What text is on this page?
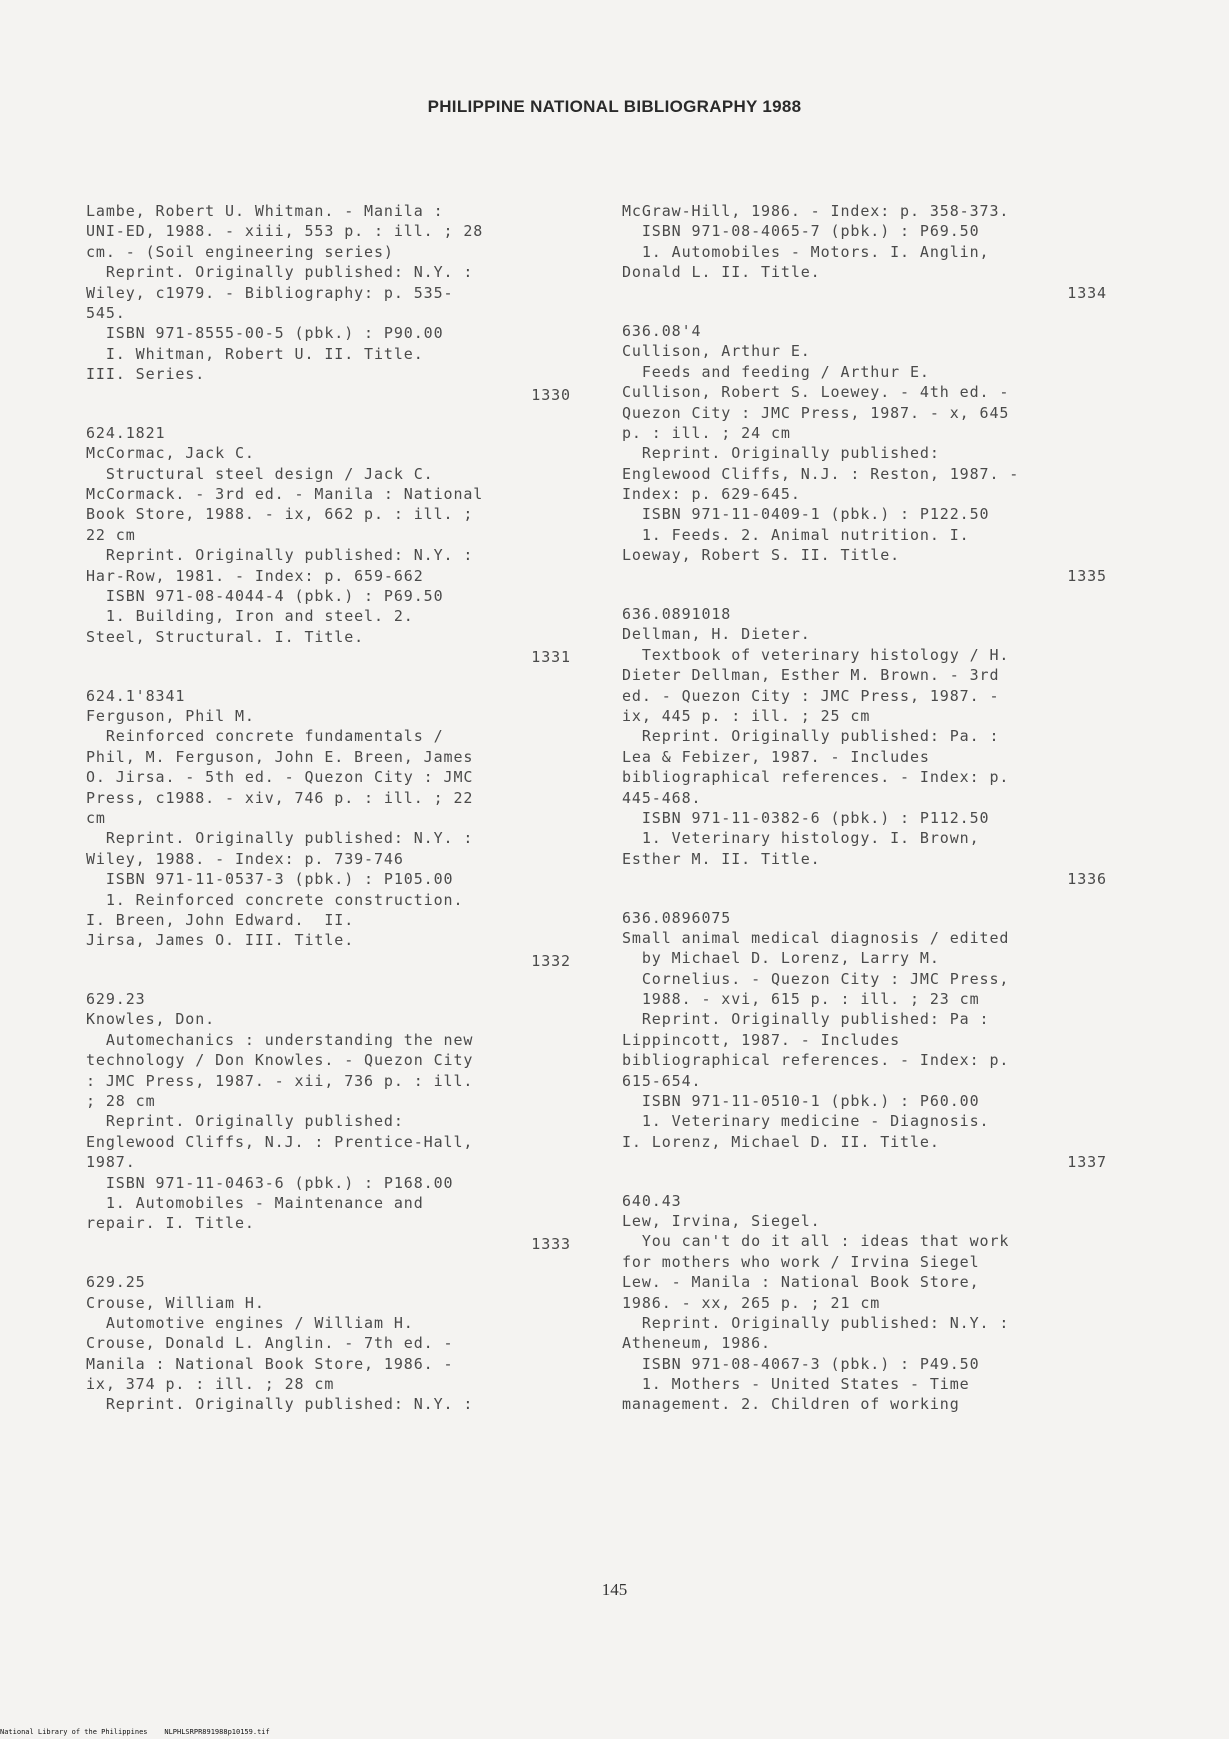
PHILIPPINE NATIONAL BIBLIOGRAPHY 1988
Lambe, Robert U. Whitman. - Manila :
UNI-ED, 1988. - xiii, 553 p. : ill. ; 28
cm. - (Soil engineering series)
Reprint. Originally published: N.Y. :
Wiley, c1979. - Bibliography: p. 535-
545.
ISBN 971-8555-00-5 (pbk.) : P90.00
I. Whitman, Robert U. II. Title.
III. Series.
1330
624.1821
McCormac, Jack C.
Structural steel design / Jack C.
McCormack. - 3rd ed. - Manila : National
Book Store, 1988. - ix, 662 p. : ill. ;
22 cm
Reprint. Originally published: N.Y. :
Har-Row, 1981. - Index: p. 659-662
ISBN 971-08-4044-4 (pbk.) : P69.50
1. Building, Iron and steel. 2.
Steel, Structural. I. Title.
1331
624.1'8341
Ferguson, Phil M.
Reinforced concrete fundamentals /
Phil, M. Ferguson, John E. Breen, James
O. Jirsa. - 5th ed. - Quezon City : JMC
Press, c1988. - xiv, 746 p. : ill. ; 22
cm
Reprint. Originally published: N.Y. :
Wiley, 1988. - Index: p. 739-746
ISBN 971-11-0537-3 (pbk.) : P105.00
1. Reinforced concrete construction.
I. Breen, John Edward.  II.
Jirsa, James O. III. Title.
1332
629.23
Knowles, Don.
Automechanics : understanding the new
technology / Don Knowles. - Quezon City
: JMC Press, 1987. - xii, 736 p. : ill.
; 28 cm
Reprint. Originally published:
Englewood Cliffs, N.J. : Prentice-Hall,
1987.
ISBN 971-11-0463-6 (pbk.) : P168.00
1. Automobiles - Maintenance and
repair. I. Title.
1333
629.25
Crouse, William H.
Automotive engines / William H.
Crouse, Donald L. Anglin. - 7th ed. -
Manila : National Book Store, 1986. -
ix, 374 p. : ill. ; 28 cm
Reprint. Originally published: N.Y. :
McGraw-Hill, 1986. - Index: p. 358-373.
ISBN 971-08-4065-7 (pbk.) : P69.50
1. Automobiles - Motors. I. Anglin,
Donald L. II. Title.
1334
636.08'4
Cullison, Arthur E.
Feeds and feeding / Arthur E.
Cullison, Robert S. Loewey. - 4th ed. -
Quezon City : JMC Press, 1987. - x, 645
p. : ill. ; 24 cm
Reprint. Originally published:
Englewood Cliffs, N.J. : Reston, 1987. -
Index: p. 629-645.
ISBN 971-11-0409-1 (pbk.) : P122.50
1. Feeds. 2. Animal nutrition. I.
Loeway, Robert S. II. Title.
1335
636.0891018
Dellman, H. Dieter.
Textbook of veterinary histology / H.
Dieter Dellman, Esther M. Brown. - 3rd
ed. - Quezon City : JMC Press, 1987. -
ix, 445 p. : ill. ; 25 cm
Reprint. Originally published: Pa. :
Lea & Febizer, 1987. - Includes
bibliographical references. - Index: p.
445-468.
ISBN 971-11-0382-6 (pbk.) : P112.50
1. Veterinary histology. I. Brown,
Esther M. II. Title.
1336
636.0896075
Small animal medical diagnosis / edited
by Michael D. Lorenz, Larry M.
Cornelius. - Quezon City : JMC Press,
1988. - xvi, 615 p. : ill. ; 23 cm
Reprint. Originally published: Pa :
Lippincott, 1987. - Includes
bibliographical references. - Index: p.
615-654.
ISBN 971-11-0510-1 (pbk.) : P60.00
1. Veterinary medicine - Diagnosis.
I. Lorenz, Michael D. II. Title.
1337
640.43
Lew, Irvina, Siegel.
You can't do it all : ideas that work
for mothers who work / Irvina Siegel
Lew. - Manila : National Book Store,
1986. - xx, 265 p. ; 21 cm
Reprint. Originally published: N.Y. :
Atheneum, 1986.
ISBN 971-08-4067-3 (pbk.) : P49.50
1. Mothers - United States - Time
management. 2. Children of working
145
National Library of the Philippines    NLPHLSRPR891988p10159.tif
